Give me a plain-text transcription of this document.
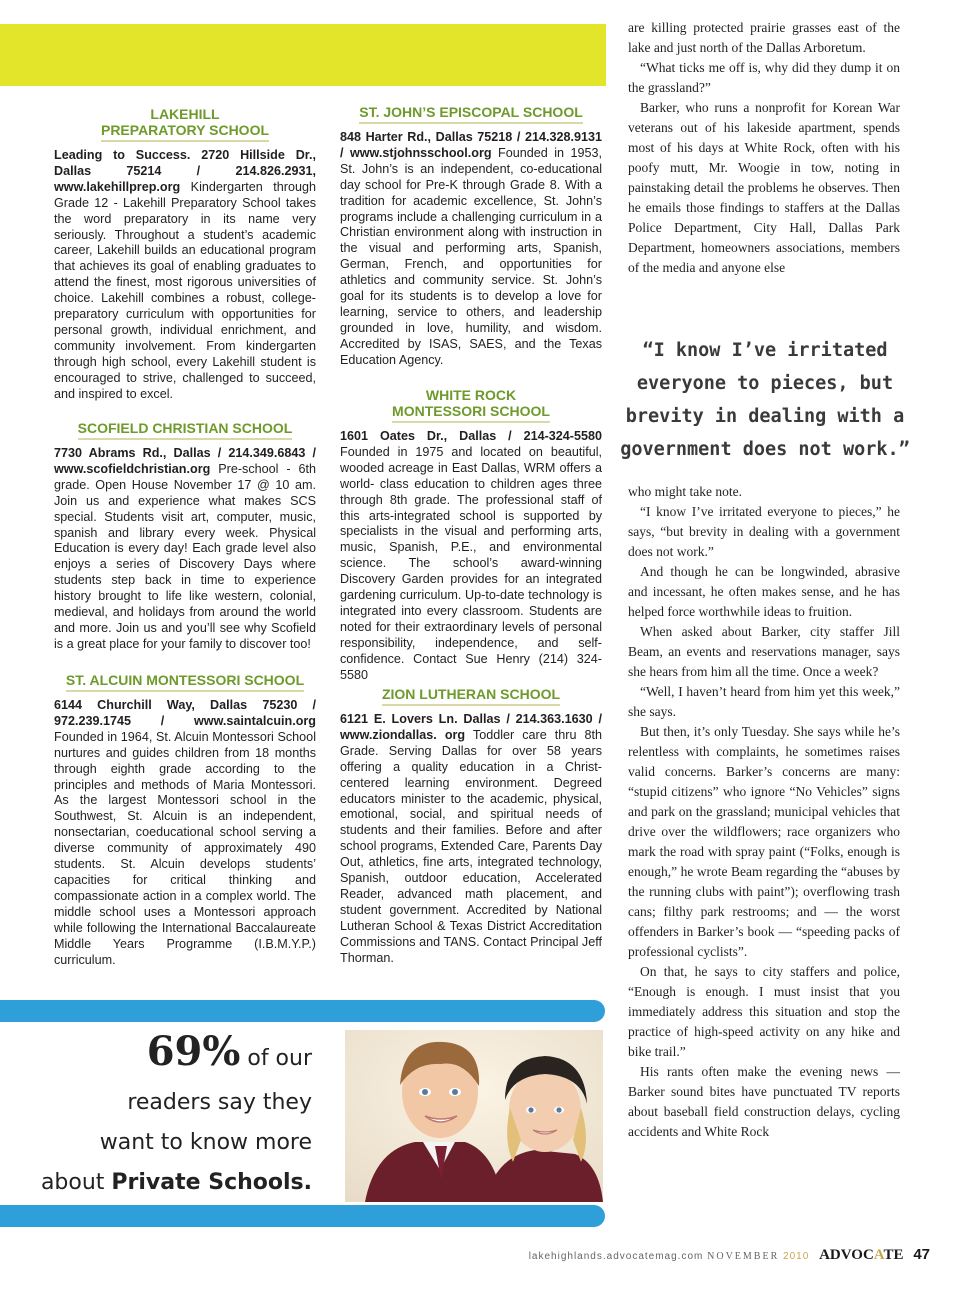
LAKEHILL
PREPARATORY SCHOOL

Leading to Success. 2720 Hillside Dr., Dallas 75214 / 214.826.2931, www.lakehillprep.org Kindergarten through Grade 12 - Lakehill Preparatory School takes the word preparatory in its name very seriously. Throughout a student’s academic career, Lakehill builds an educational program that achieves its goal of enabling graduates to attend the finest, most rigorous universities of choice. Lakehill combines a robust, college-preparatory curriculum with opportunities for personal growth, individual enrichment, and community involvement. From kindergarten through high school, every Lakehill student is encouraged to strive, challenged to succeed, and inspired to excel.

SCOFIELD CHRISTIAN SCHOOL

7730 Abrams Rd., Dallas / 214.349.6843 / www.scofieldchristian.org Pre-school - 6th grade. Open House November 17 @ 10 am. Join us and experience what makes SCS special. Students visit art, computer, music, spanish and library every week. Physical Education is every day! Each grade level also enjoys a series of Discovery Days where students step back in time to experience history brought to life like western, colonial, medieval, and holidays from around the world and more. Join us and you’ll see why Scofield is a great place for your family to discover too!

ST. ALCUIN MONTESSORI SCHOOL

6144 Churchill Way, Dallas 75230 / 972.239.1745 / www.saintalcuin.org Founded in 1964, St. Alcuin Montessori School nurtures and guides children from 18 months through eighth grade according to the principles and methods of Maria Montessori. As the largest Montessori school in the Southwest, St. Alcuin is an independent, nonsectarian, coeducational school serving a diverse community of approximately 490 students. St. Alcuin develops students’ capacities for critical thinking and compassionate action in a complex world. The middle school uses a Montessori approach while following the International Baccalaureate Middle Years Programme (I.B.M.Y.P.) curriculum.

ST. JOHN’S EPISCOPAL SCHOOL

848 Harter Rd., Dallas 75218 / 214.328.9131 / www.stjohnsschool.org Founded in 1953, St. John’s is an independent, co-educational day school for Pre-K through Grade 8. With a tradition for academic excellence, St. John’s programs include a challenging curriculum in a Christian environment along with instruction in the visual and performing arts, Spanish, German, French, and opportunities for athletics and community service. St. John’s goal for its students is to develop a love for learning, service to others, and leadership grounded in love, humility, and wisdom. Accredited by ISAS, SAES, and the Texas Education Agency.

WHITE ROCK
MONTESSORI SCHOOL

1601 Oates Dr., Dallas / 214-324-5580 Founded in 1975 and located on beautiful, wooded acreage in East Dallas, WRM offers a world- class education to children ages three through 8th grade. The professional staff of this arts-integrated school is supported by specialists in the visual and performing arts, music, Spanish, P.E., and environmental science. The school’s award-winning Discovery Garden provides for an integrated gardening curriculum. Up-to-date technology is integrated into every classroom. Students are noted for their extraordinary levels of personal responsibility, independence, and self- confidence. Contact Sue Henry (214) 324-5580

ZION LUTHERAN SCHOOL

6121 E. Lovers Ln. Dallas / 214.363.1630 / www.ziondallas. org Toddler care thru 8th Grade. Serving Dallas for over 58 years offering a quality education in a Christ-centered learning environment. Degreed educators minister to the academic, physical, emotional, social, and spiritual needs of students and their families. Before and after school programs, Extended Care, Parents Day Out, athletics, fine arts, integrated technology, Spanish, outdoor education, Accelerated Reader, advanced math placement, and student government. Accredited by National Lutheran School & Texas District Accreditation Commissions and TANS. Contact Principal Jeff Thorman.

are killing protected prairie grasses east of the lake and just north of the Dallas Arboretum.

“What ticks me off is, why did they dump it on the grassland?”

Barker, who runs a nonprofit for Korean War veterans out of his lakeside apartment, spends most of his days at White Rock, often with his poofy mutt, Mr. Woogie in tow, noting in painstaking detail the problems he observes. Then he emails those findings to staffers at the Dallas Police Department, City Hall, Dallas Park Department, homeowners associations, members of the media and anyone else

“I know I’ve irritated everyone to pieces, but brevity in dealing with a government does not work.”

who might take note.

“I know I’ve irritated everyone to pieces,” he says, “but brevity in dealing with a government does not work.”

And though he can be longwinded, abrasive and incessant, he often makes sense, and he has helped force worthwhile ideas to fruition.

When asked about Barker, city staffer Jill Beam, an events and reservations manager, says she hears from him all the time. Once a week?

“Well, I haven’t heard from him yet this week,” she says.

But then, it’s only Tuesday. She says while he’s relentless with complaints, he sometimes raises valid concerns. Barker’s concerns are many: “stupid citizens” who ignore “No Vehicles” signs and park on the grassland; municipal vehicles that drive over the wildflowers; race organizers who mark the road with spray paint (“Folks, enough is enough,” he wrote Beam regarding the “abuses by the running clubs with paint”); overflowing trash cans; filthy park restrooms; and — the worst offenders in Barker’s book — “speeding packs of professional cyclists”.

On that, he says to city staffers and police, “Enough is enough. I must insist that you immediately address this situation and stop the practice of high-speed activity on any hike and bike trail.”

His rants often make the evening news — Barker sound bites have punctuated TV reports about baseball field construction delays, cycling accidents and White Rock

69% of our
readers say they
want to know more
about Private Schools.
lakehighlands.advocatemag.com NOVEMBER 2010 ADVOCATE 47
